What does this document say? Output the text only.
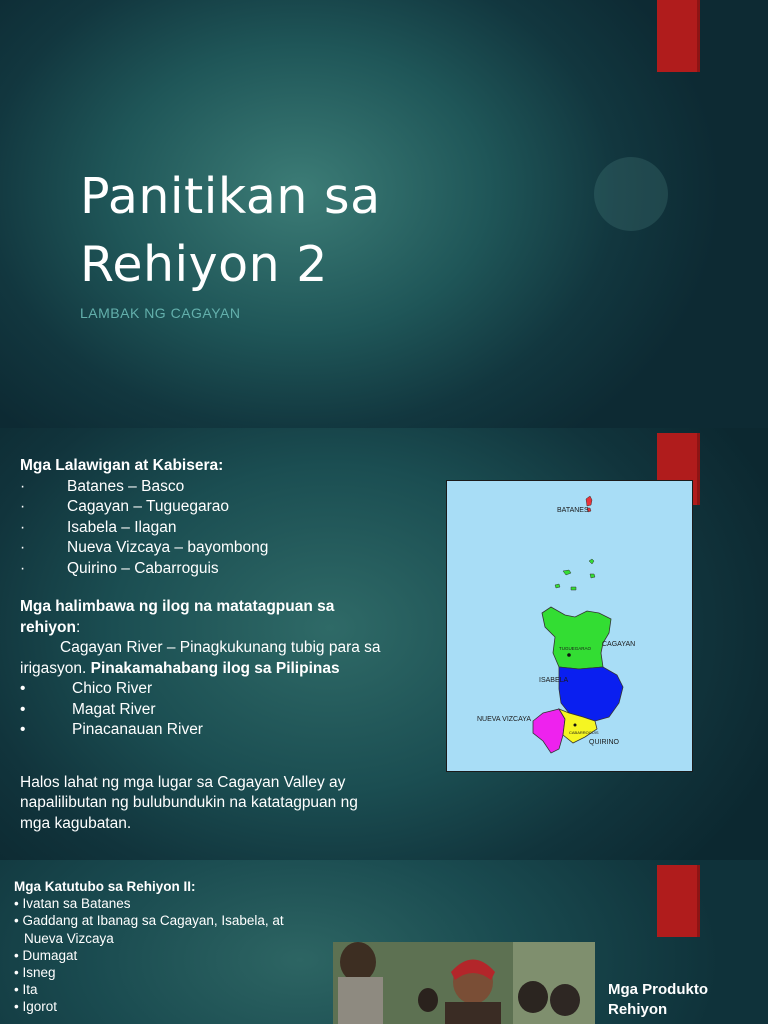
Panitikan sa
Rehiyon 2
LAMBAK NG CAGAYAN
Mga Lalawigan at Kabisera:
·	Batanes – Basco
·	Cagayan – Tuguegarao
·	Isabela – Ilagan
·	Nueva Vizcaya – bayombong
·	Quirino – Cabarroguis
Mga halimbawa ng ilog na matatagpuan sa
rehiyon:
Cagayan River – Pinagkukunang tubig para sa
irigasyon. Pinakamahabang ilog sa Pilipinas
•	Chico River
•	Magat River
•	Pinacanauan River
Halos lahat ng mga lugar sa Cagayan Valley ay
napalilibutan ng bulubundukin na katatagpuan ng
mga kagubatan.
BATANES
TUGUEGARAO
CAGAYAN
ISABELA
NUEVA VIZCAYA
CABARROGUIS
QUIRINO
Mga Katutubo sa Rehiyon II:
• Ivatan sa Batanes
• Gaddang at Ibanag sa Cagayan, Isabela, at
Nueva Vizcaya
• Dumagat
• Isneg
• Ita
• Igorot
Mga Produkto
Rehiyon
